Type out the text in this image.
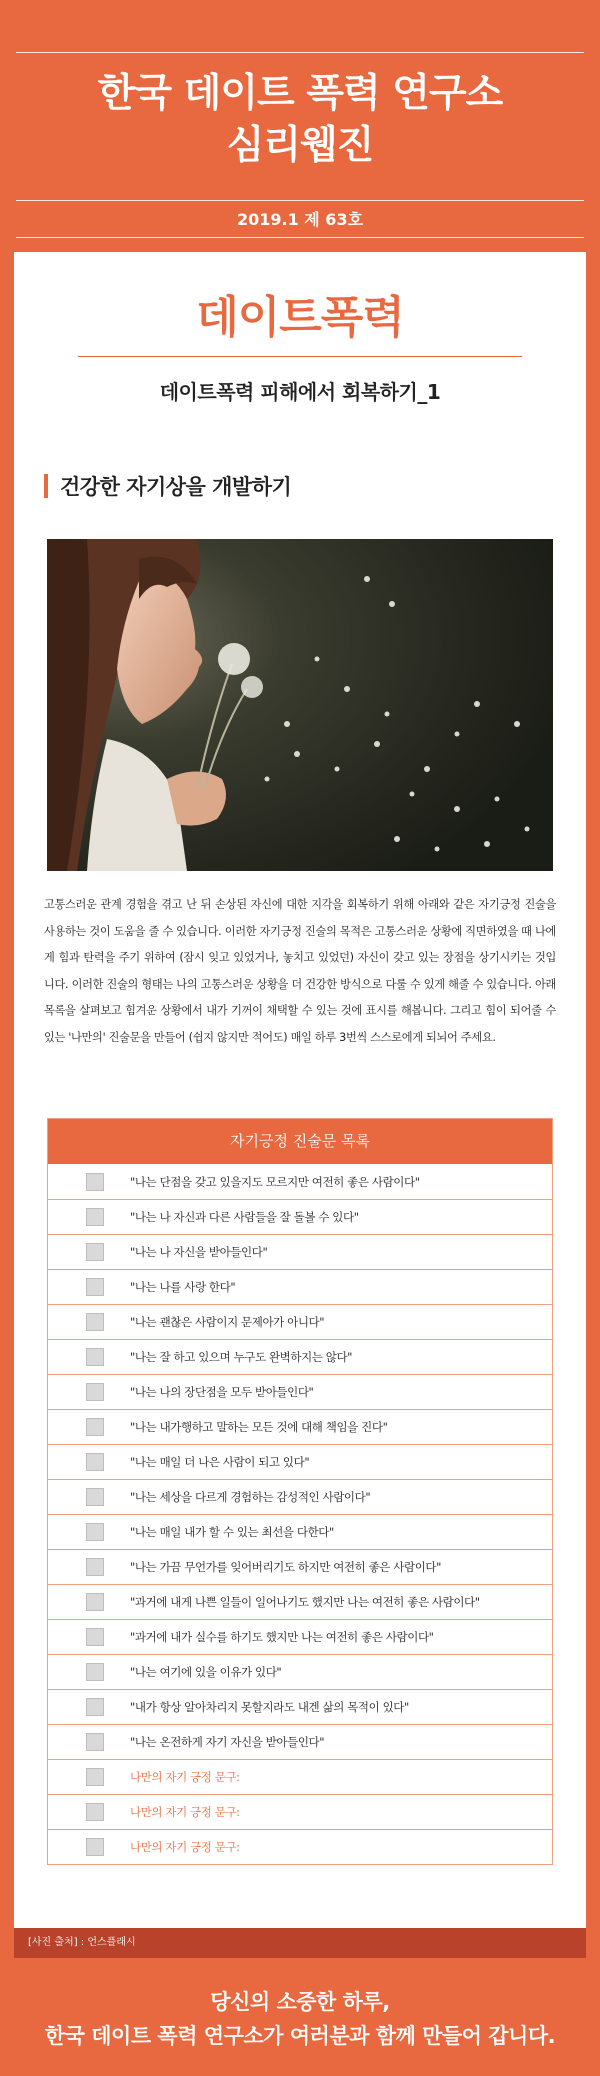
한국 데이트 폭력 연구소
심리웹진
2019.1 제 63호
데이트폭력
데이트폭력 피해에서 회복하기_1
건강한 자기상을 개발하기

고통스러운 관계 경험을 겪고 난 뒤 손상된 자신에 대한 지각을 회복하기 위해 아래와 같은 자기긍정 진술을 사용하는 것이 도움을 줄 수 있습니다. 이러한 자기긍정 진술의 목적은 고통스러운 상황에 직면하였을 때 나에게 힘과 탄력을 주기 위하여 (잠시 잊고 있었거나, 놓치고 있었던) 자신이 갖고 있는 장점을 상기시키는 것입니다. 이러한 진술의 형태는 나의 고통스러운 상황을 더 건강한 방식으로 다룰 수 있게 해줄 수 있습니다. 아래 목록을 살펴보고 힘겨운 상황에서 내가 기꺼이 채택할 수 있는 것에 표시를 해봅니다. 그리고 힘이 되어줄 수 있는 '나만의' 진술문을 만들어 (쉽지 않지만 적어도) 매일 하루 3번씩 스스로에게 되뇌어 주세요.

자기긍정 진술문 목록
"나는 단점을 갖고 있을지도 모르지만 여전히 좋은 사람이다"
"나는 나 자신과 다른 사람들을 잘 돌볼 수 있다"
"나는 나 자신을 받아들인다"
"나는 나를 사랑 한다"
"나는 괜찮은 사람이지 문제아가 아니다"
"나는 잘 하고 있으며 누구도 완벽하지는 않다"
"나는 나의 장단점을 모두 받아들인다"
"나는 내가행하고 말하는 모든 것에 대해 책임을 진다"
"나는 매일 더 나은 사람이 되고 있다"
"나는 세상을 다르게 경험하는 감성적인 사람이다"
"나는 매일 내가 할 수 있는 최선을 다한다"
"나는 가끔 무언가를 잊어버리기도 하지만 여전히 좋은 사람이다"
"과거에 내게 나쁜 일들이 일어나기도 했지만 나는 여전히 좋은 사람이다"
"과거에 내가 실수를 하기도 했지만 나는 여전히 좋은 사람이다"
"나는 여기에 있을 이유가 있다"
"내가 항상 알아차리지 못할지라도 내겐 삶의 목적이 있다"
"나는 온전하게 자기 자신을 받아들인다"
나만의 자기 긍정 문구:
나만의 자기 긍정 문구:
나만의 자기 긍정 문구:
[사진 출처] : 언스플래시
당신의 소중한 하루,
한국 데이트 폭력 연구소가 여러분과 함께 만들어 갑니다.
